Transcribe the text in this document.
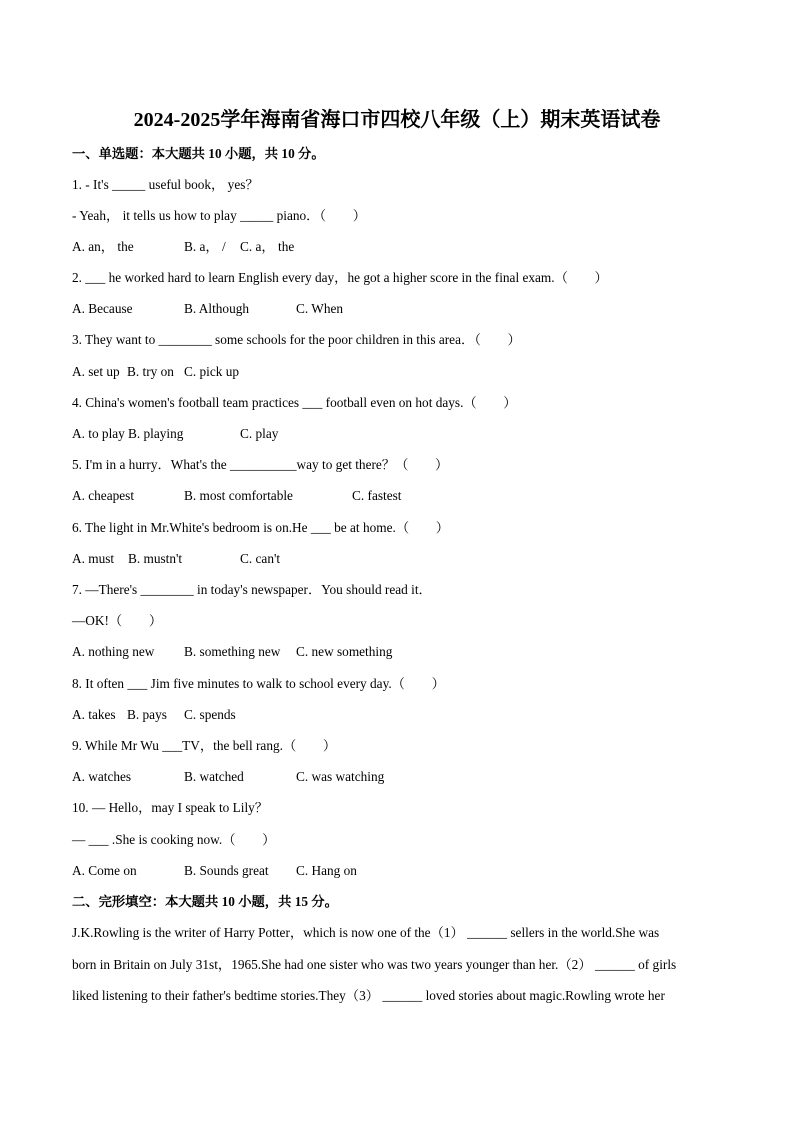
2024-2025学年海南省海口市四校八年级（上）期末英语试卷
一、单选题：本大题共 10 小题，共 10 分。
1. - It's _____ useful book， yes？
- Yeah， it tells us how to play _____ piano．（        ）
A. an， the	B. a， / C. a， the
2. ___ he worked hard to learn English every day，he got a higher score in the final exam.（        ）
A. Because	B. Although	C. When
3. They want to ________ some schools for the poor children in this area．（        ）
A. set up B. try on C. pick up
4. China's women's football team practices ___ football even on hot days.（        ）
A. to play B. playing	C. play
5. I'm in a hurry．What's the __________way to get there？（        ）
A. cheapest	B. most comfortable	C. fastest
6. The light in Mr.White's bedroom is on.He ___ be at home.（        ）
A. must B. mustn't	C. can't
7. —There's ________ in today's newspaper．You should read it．
—OK!（        ）
A. nothing new B. something new C. new something
8. It often ___ Jim five minutes to walk to school every day.（        ）
A. takes B. pays C. spends
9. While Mr Wu ___TV，the bell rang.（        ）
A. watches	B. watched	C. was watching
10. — Hello，may I speak to Lily？
— ___ .She is cooking now.（        ）
A. Come on	B. Sounds great C. Hang on
二、完形填空：本大题共 10 小题，共 15 分。
J.K.Rowling is the writer of Harry Potter，which is now one of the（1） ______ sellers in the world.She was
born in Britain on July 31st，1965.She had one sister who was two years younger than her.（2） ______ of girls
liked listening to their father's bedtime stories.They（3） ______ loved stories about magic.Rowling wrote her
